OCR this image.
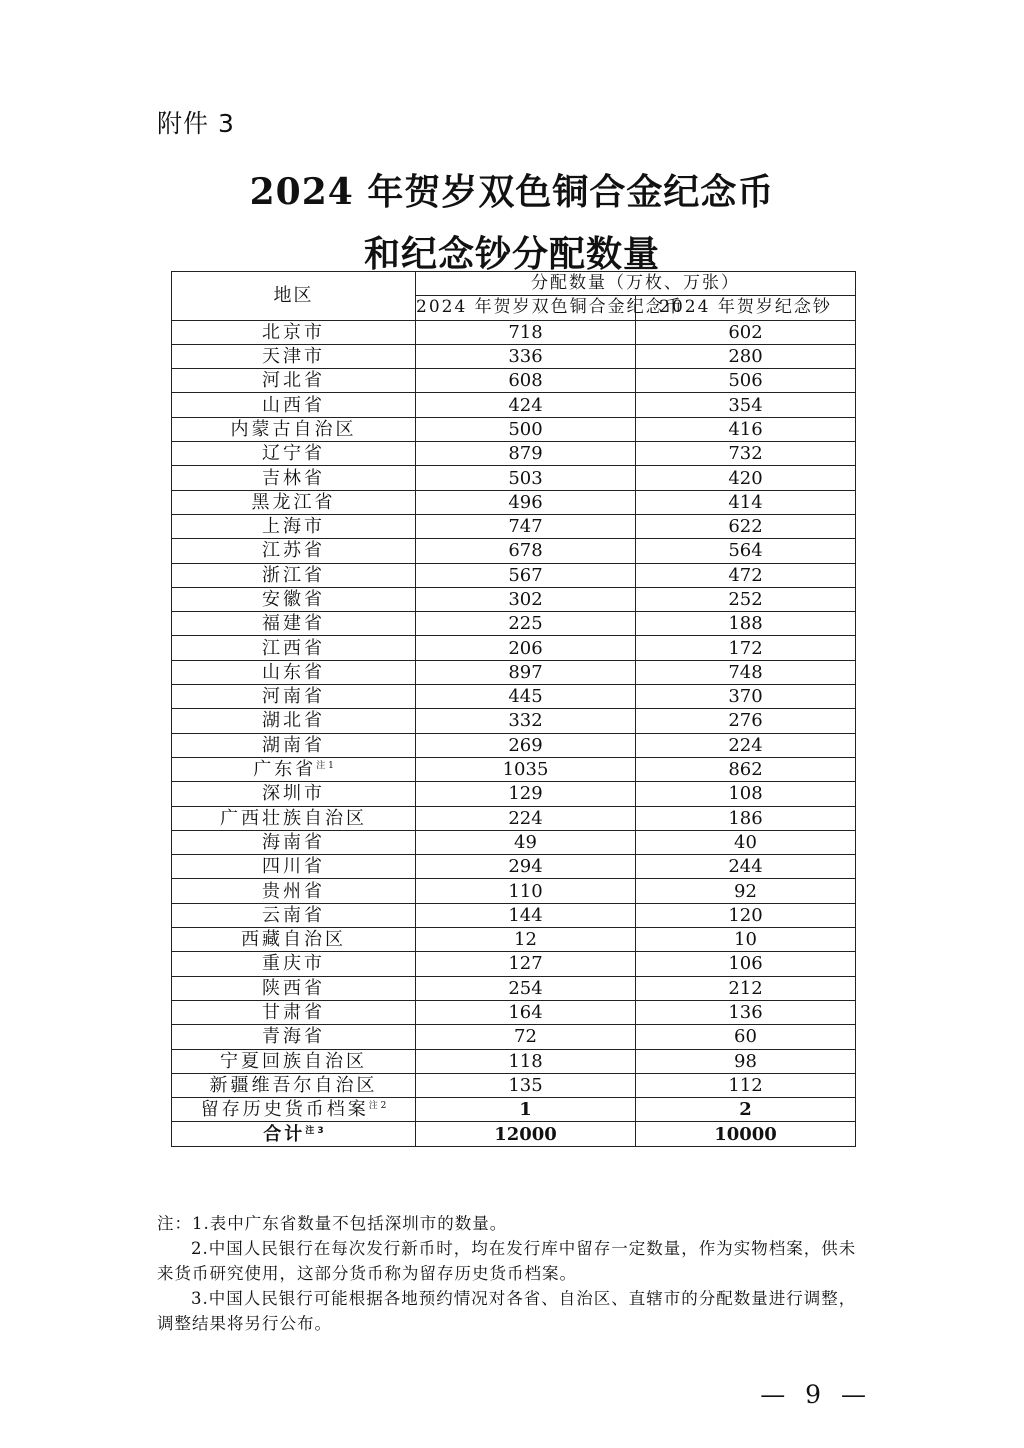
附件 3
2024 年贺岁双色铜合金纪念币
和纪念钞分配数量
地区	分配数量（万枚、万张）	
	2024 年贺岁双色铜合金纪念币	2024 年贺岁纪念钞
北京市	718	602
天津市	336	280
河北省	608	506
山西省	424	354
内蒙古自治区	500	416
辽宁省	879	732
吉林省	503	420
黑龙江省	496	414
上海市	747	622
江苏省	678	564
浙江省	567	472
安徽省	302	252
福建省	225	188
江西省	206	172
山东省	897	748
河南省	445	370
湖北省	332	276
湖南省	269	224
广东省$^{注 1}$	1035	862
深圳市	129	108
广西壮族自治区	224	186
海南省	49	40
四川省	294	244
贵州省	110	92
云南省	144	120
西藏自治区	12	10
重庆市	127	106
陕西省	254	212
甘肃省	164	136
青海省	72	60
宁夏回族自治区	118	98
新疆维吾尔自治区	135	112
留存历史货币档案$^{注 2}$	1	2
合计$^{注 3}$	12000	10000

注：1.表中广东省数量不包括深圳市的数量。

2.中国人民银行在每次发行新币时，均在发行库中留存一定数量，作为实物档案，供未来货币研究使用，这部分货币称为留存历史货币档案。

3.中国人民银行可能根据各地预约情况对各省、自治区、直辖市的分配数量进行调整，调整结果将另行公布。

— 9 —
